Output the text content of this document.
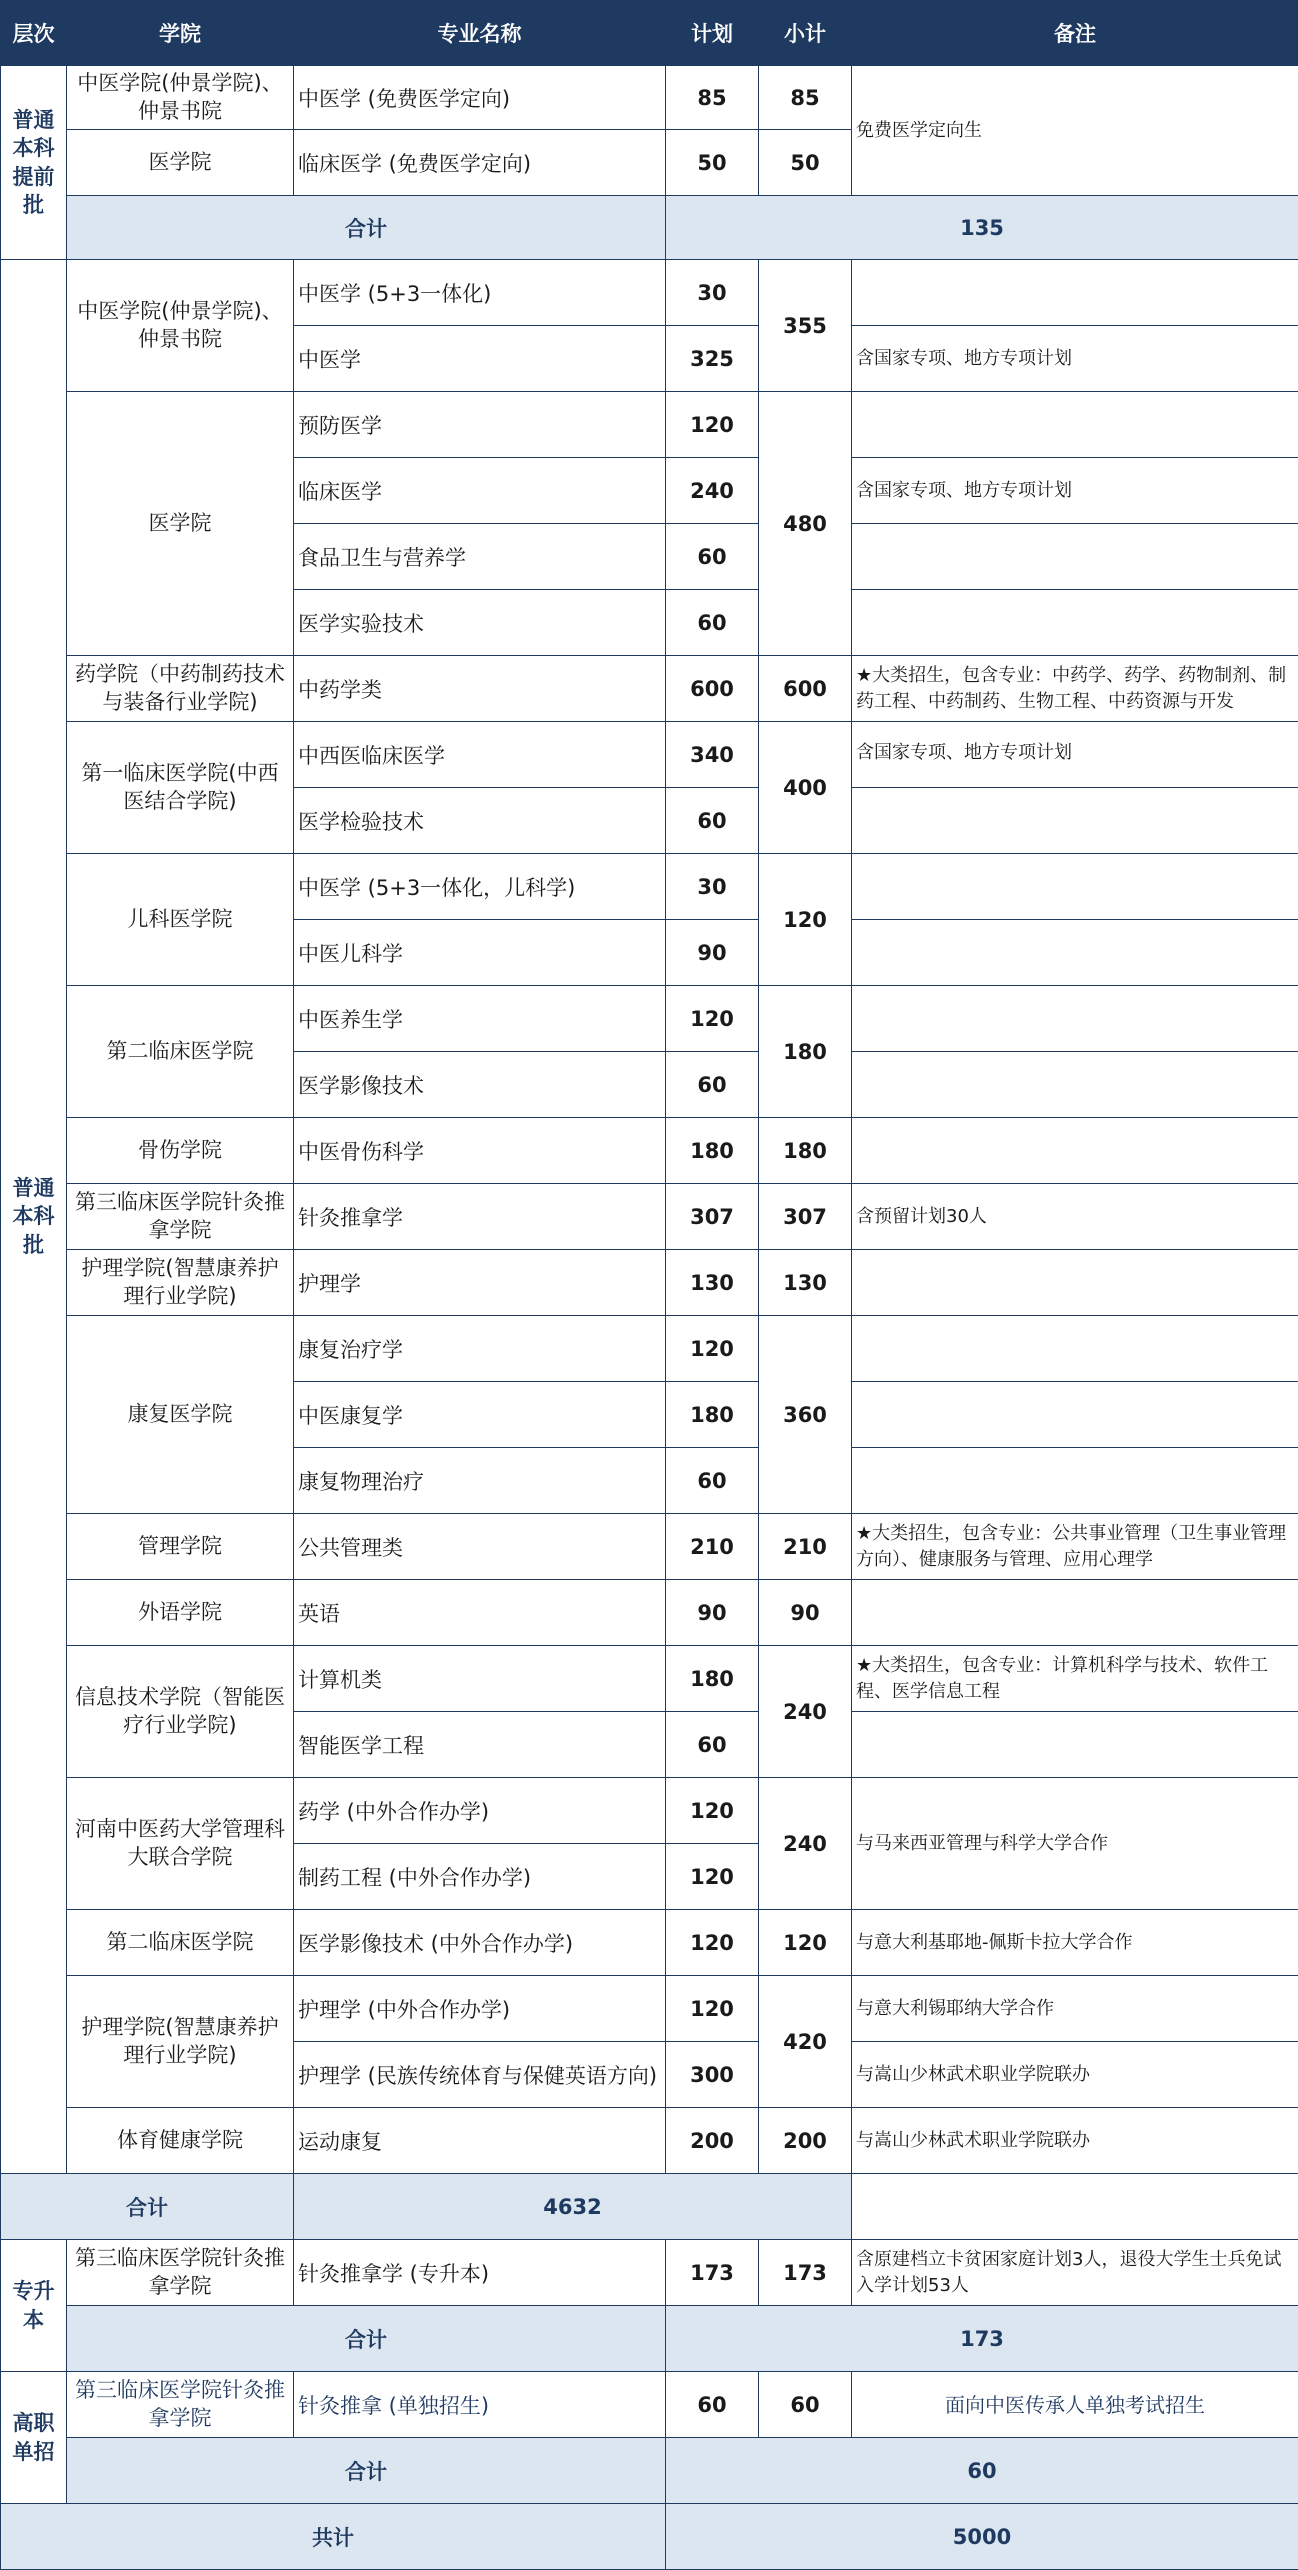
层次	学院	专业名称	计划	小计	备注
普通本科提前批	中医学院(仲景学院)、仲景书院	中医学 (免费医学定向)	85	85	免费医学定向生
	医学院	临床医学 (免费医学定向)	50	50	
	合计		135		
普通本科批	中医学院(仲景学院)、仲景书院	中医学 (5+3一体化)	30	355	
		中医学	325		含国家专项、地方专项计划
	医学院	预防医学	120	480	
		临床医学	240		含国家专项、地方专项计划
		食品卫生与营养学	60		
		医学实验技术	60		
	药学院（中药制药技术与装备行业学院)	中药学类	600	600	★大类招生，包含专业：中药学、药学、药物制剂、制药工程、中药制药、生物工程、中药资源与开发
	第一临床医学院(中西医结合学院)	中西医临床医学	340	400	含国家专项、地方专项计划
		医学检验技术	60		
	儿科医学院	中医学 (5+3一体化，儿科学)	30	120	
		中医儿科学	90		
	第二临床医学院	中医养生学	120	180	
		医学影像技术	60		
	骨伤学院	中医骨伤科学	180	180	
	第三临床医学院针灸推拿学院	针灸推拿学	307	307	含预留计划30人
	护理学院(智慧康养护理行业学院)	护理学	130	130	
	康复医学院	康复治疗学	120	360	
		中医康复学	180		
		康复物理治疗	60		
	管理学院	公共管理类	210	210	★大类招生，包含专业：公共事业管理（卫生事业管理方向）、健康服务与管理、应用心理学
	外语学院	英语	90	90	
	信息技术学院（智能医疗行业学院)	计算机类	180	240	★大类招生，包含专业：计算机科学与技术、软件工程、医学信息工程
		智能医学工程	60		
	河南中医药大学管理科大联合学院	药学 (中外合作办学)	120	240	与马来西亚管理与科学大学合作
		制药工程 (中外合作办学)	120		
	第二临床医学院	医学影像技术 (中外合作办学)	120	120	与意大利基耶地-佩斯卡拉大学合作
	护理学院(智慧康养护理行业学院)	护理学 (中外合作办学)	120	420	与意大利锡耶纳大学合作
		护理学 (民族传统体育与保健英语方向)	300		与嵩山少林武术职业学院联办
	体育健康学院	运动康复	200	200	与嵩山少林武术职业学院联办
合计		4632			
专升本	第三临床医学院针灸推拿学院	针灸推拿学 (专升本)	173	173	含原建档立卡贫困家庭计划3人，退役大学生士兵免试入学计划53人
	合计		173		
高职单招	第三临床医学院针灸推拿学院	针灸推拿 (单独招生)	60	60	面向中医传承人单独考试招生
	合计		60		
共计			5000		
